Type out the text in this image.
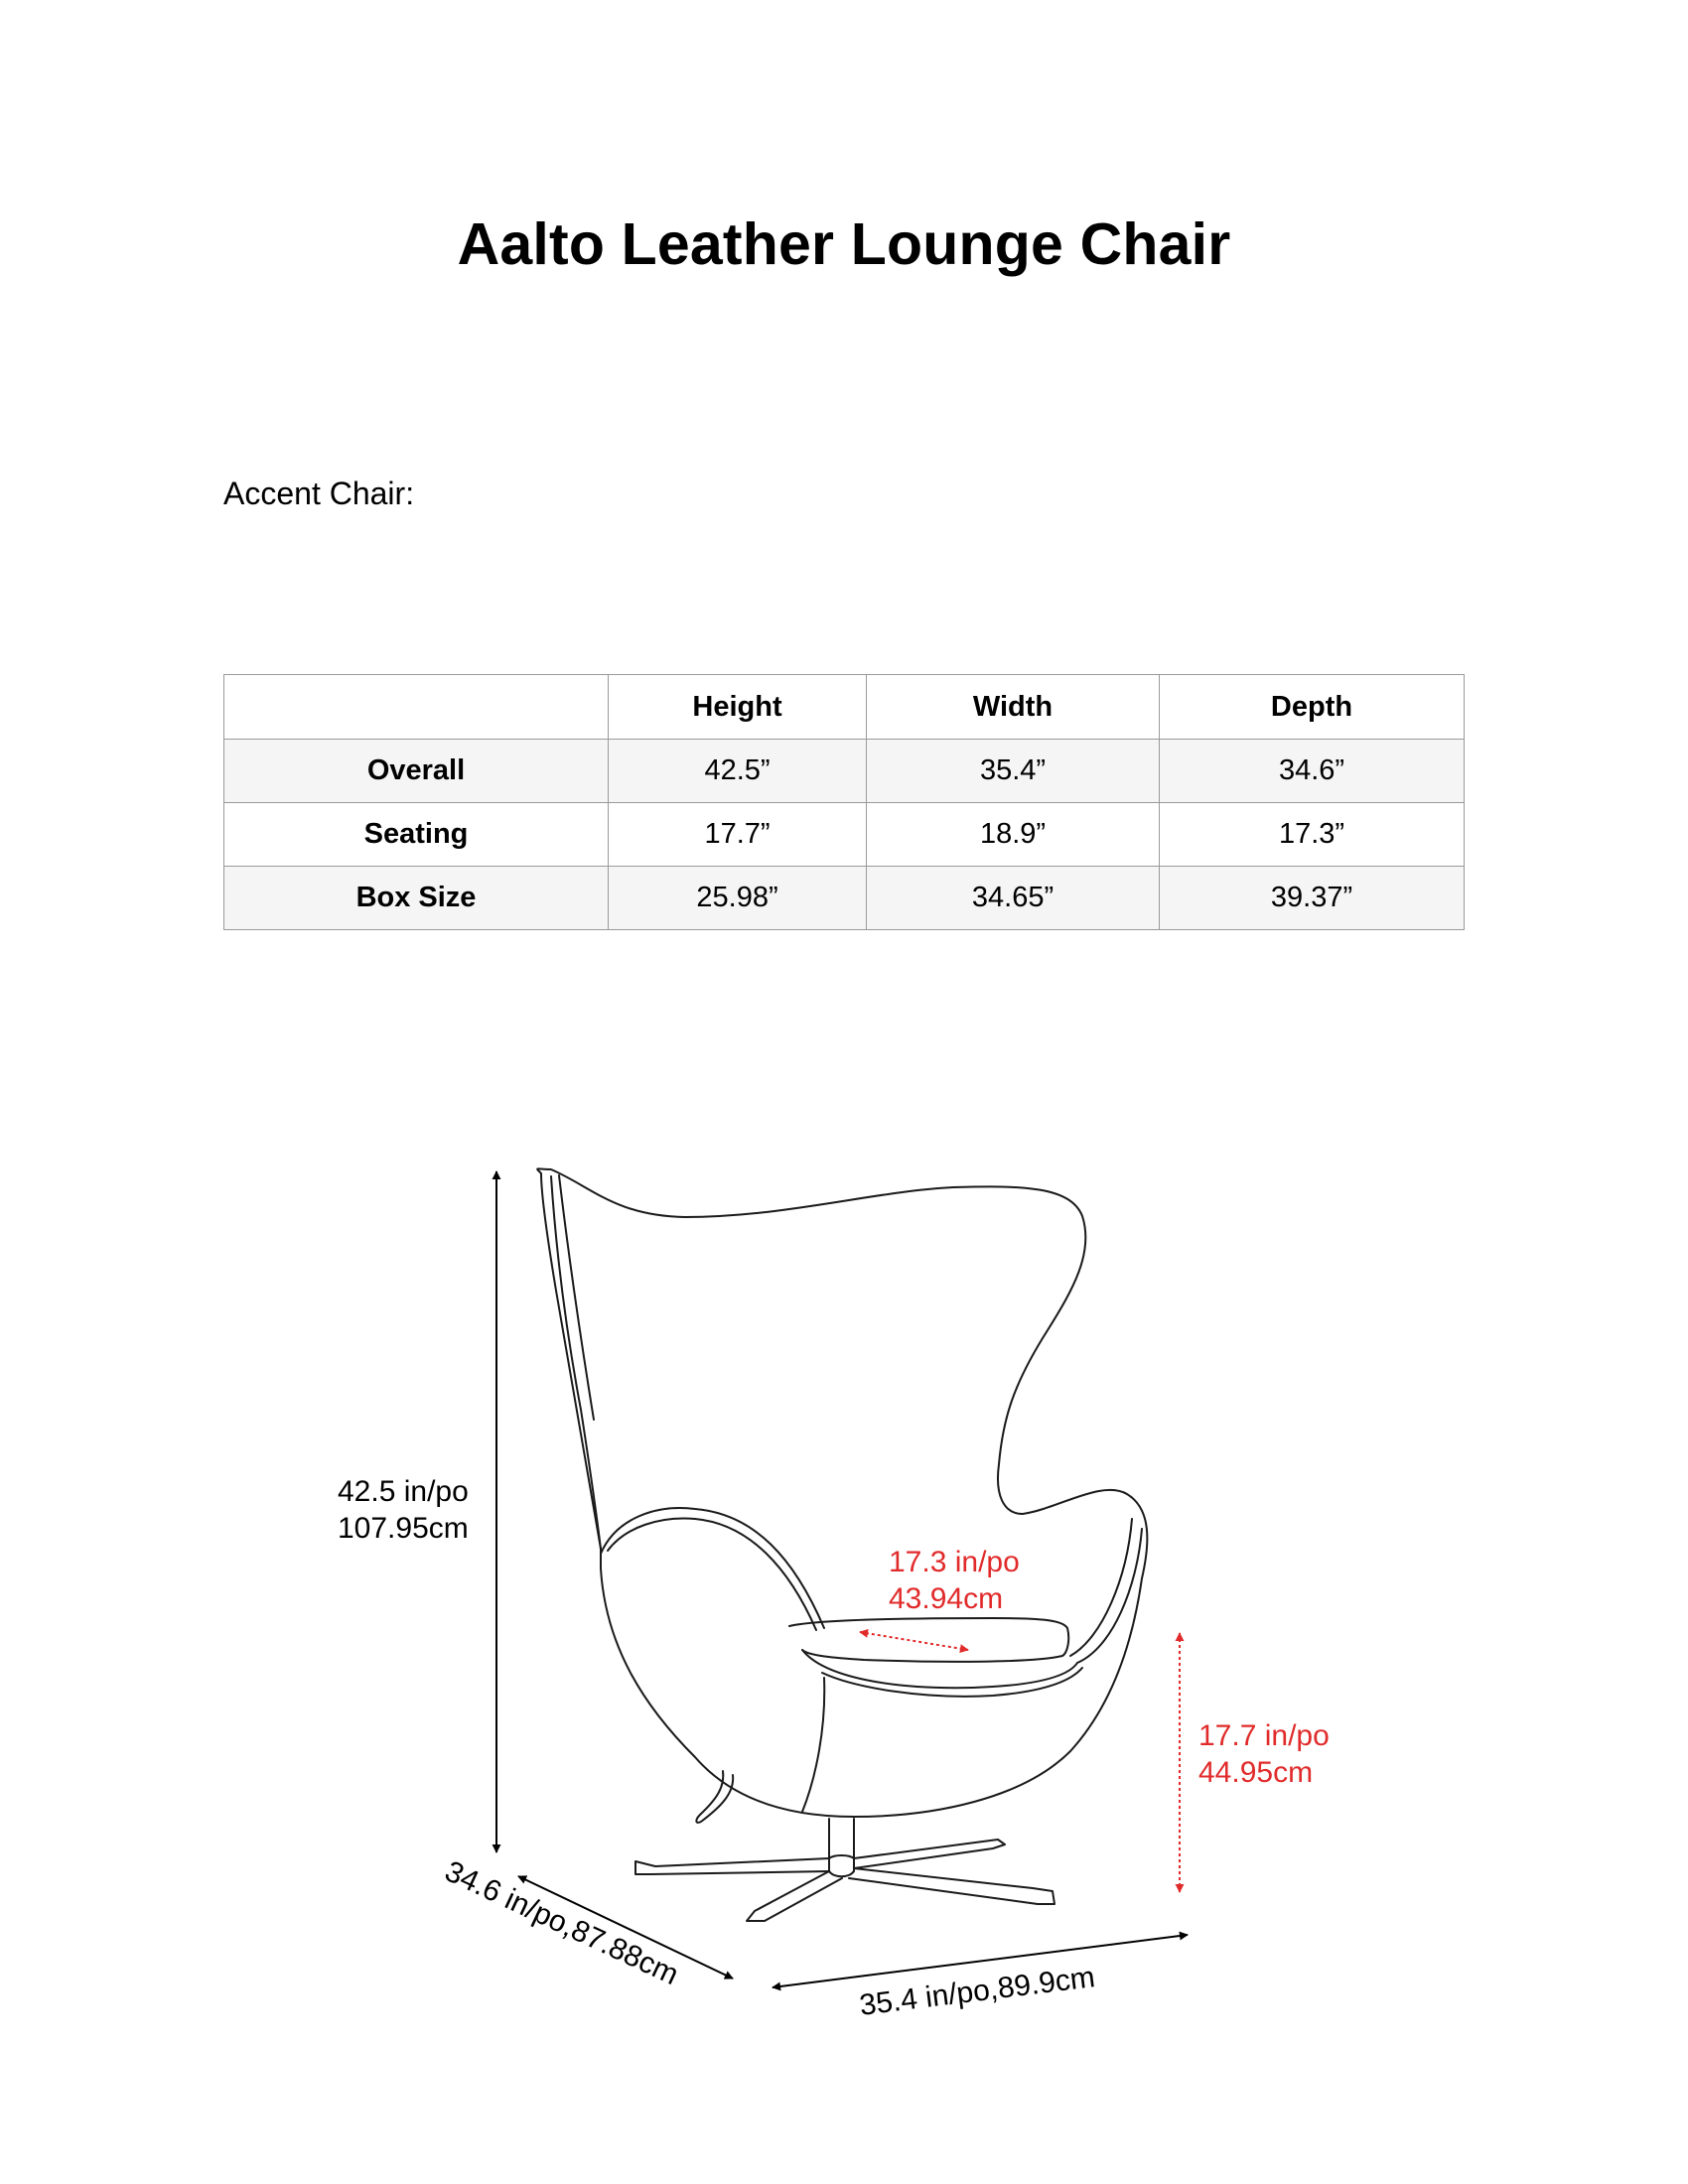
Aalto Leather Lounge Chair
Accent Chair:
	Height	Width	Depth
Overall	42.5”	35.4”	34.6”
Seating	17.7”	18.9”	17.3”
Box Size	25.98”	34.65”	39.37”
42.5 in/po
107.95cm
34.6 in/po,87.88cm	35.4 in/po,89.9cm
17.3 in/po
43.94cm
17.7 in/po
44.95cm
